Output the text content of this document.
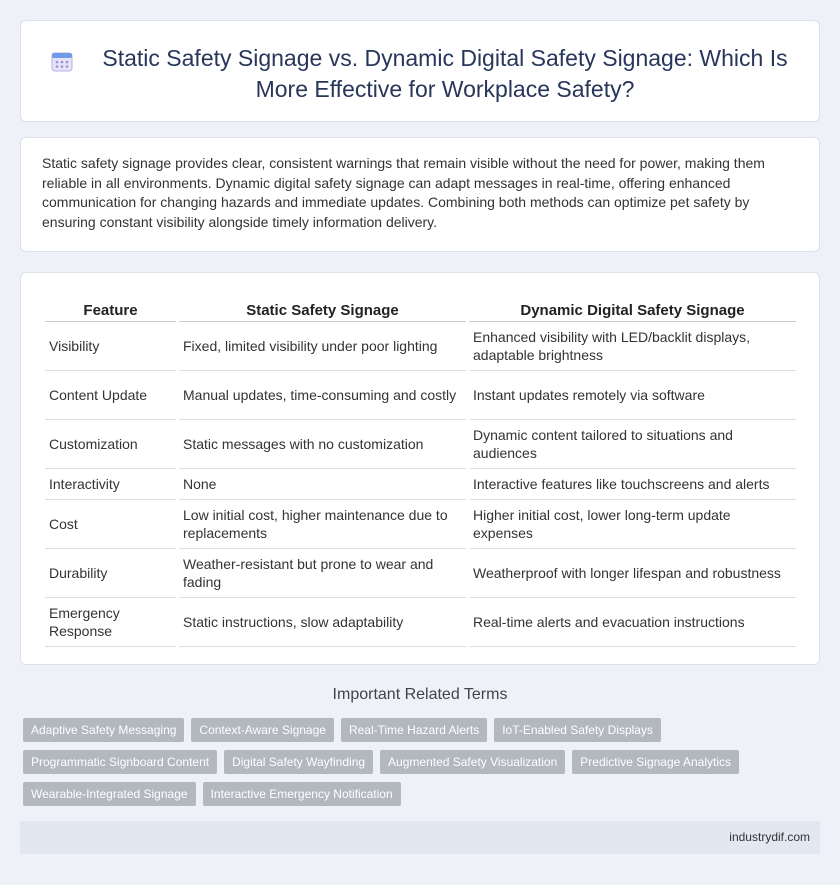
Static Safety Signage vs. Dynamic Digital Safety Signage: Which Is More Effective for Workplace Safety?

Static safety signage provides clear, consistent warnings that remain visible without the need for power, making them reliable in all environments. Dynamic digital safety signage can adapt messages in real-time, offering enhanced communication for changing hazards and immediate updates. Combining both methods can optimize pet safety by ensuring constant visibility alongside timely information delivery.

Feature	Static Safety Signage	Dynamic Digital Safety Signage
Visibility	Fixed, limited visibility under poor lighting	Enhanced visibility with LED/backlit displays, adaptable brightness
Content Update	Manual updates, time-consuming and costly	Instant updates remotely via software
Customization	Static messages with no customization	Dynamic content tailored to situations and audiences
Interactivity	None	Interactive features like touchscreens and alerts
Cost	Low initial cost, higher maintenance due to replacements	Higher initial cost, lower long-term update expenses
Durability	Weather-resistant but prone to wear and fading	Weatherproof with longer lifespan and robustness
Emergency Response	Static instructions, slow adaptability	Real-time alerts and evacuation instructions
Important Related Terms
Adaptive Safety Messaging	Context-Aware Signage	Real-Time Hazard Alerts	IoT-Enabled Safety Displays
Programmatic Signboard Content	Digital Safety Wayfinding	Augmented Safety Visualization	Predictive Signage Analytics
Wearable-Integrated Signage	Interactive Emergency Notification
industrydif.com
